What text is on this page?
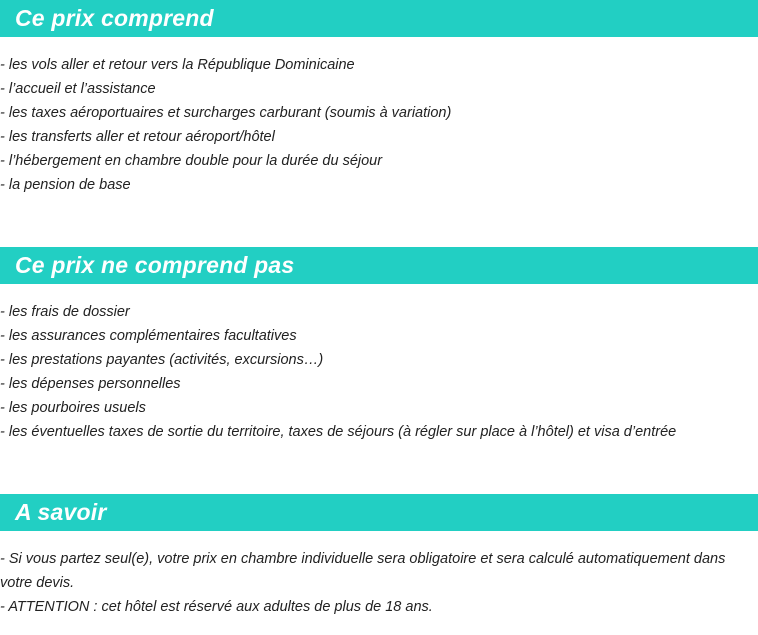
Ce prix comprend
- les vols aller et retour vers la République Dominicaine
- l’accueil et l’assistance
- les taxes aéroportuaires et surcharges carburant (soumis à variation)
- les transferts aller et retour aéroport/hôtel
- l’hébergement en chambre double pour la durée du séjour
- la pension de base
Ce prix ne comprend pas
- les frais de dossier
- les assurances complémentaires facultatives
- les prestations payantes (activités, excursions…)
- les dépenses personnelles
- les pourboires usuels
- les éventuelles taxes de sortie du territoire, taxes de séjours (à régler sur place à l’hôtel) et visa d’entrée
A savoir
- Si vous partez seul(e), votre prix en chambre individuelle sera obligatoire et sera calculé automatiquement dans votre devis.
- ATTENTION : cet hôtel est réservé aux adultes de plus de 18 ans.
